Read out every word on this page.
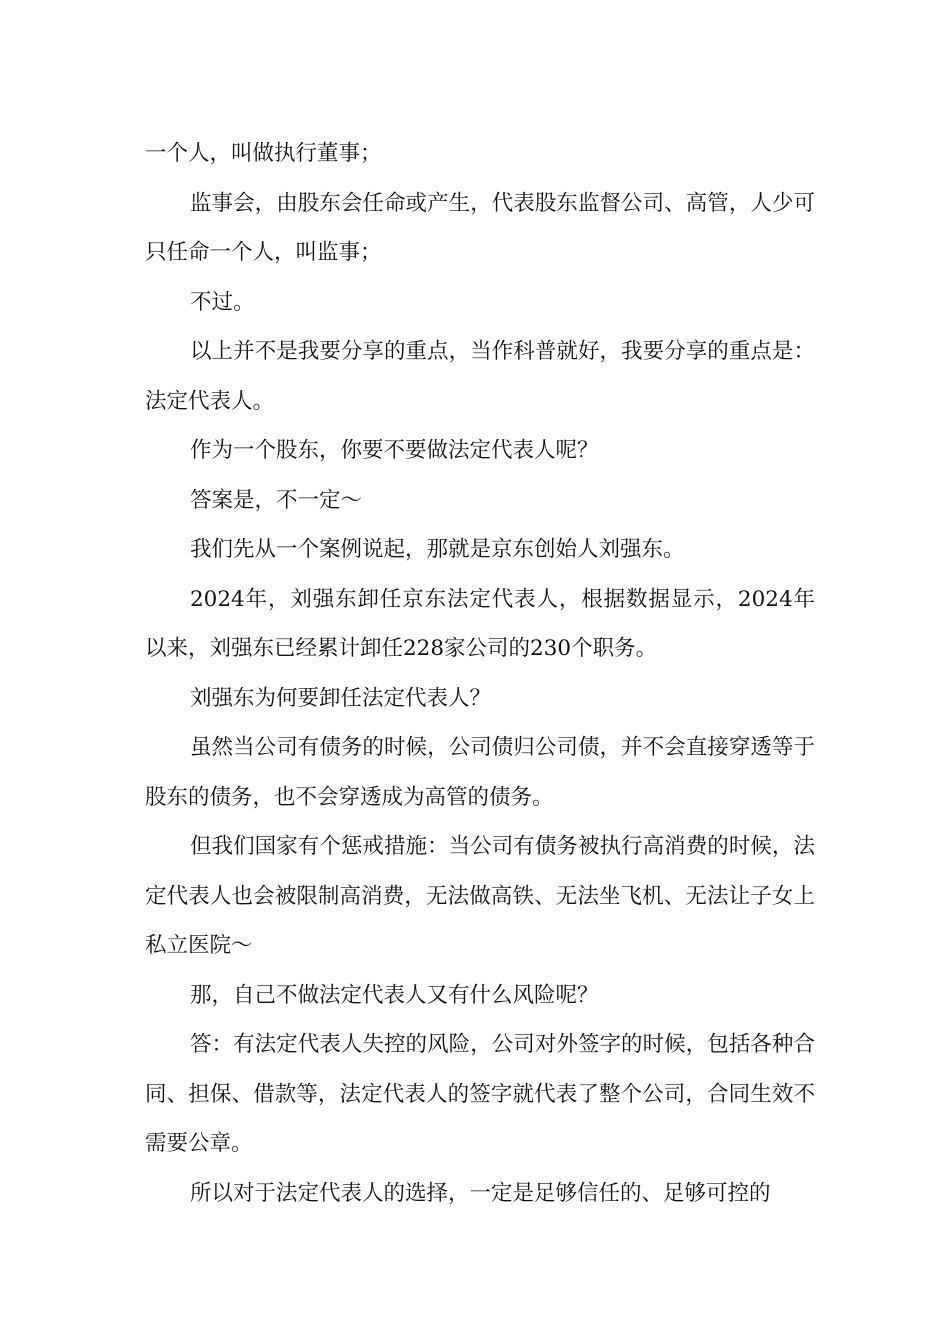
一个人，叫做执行董事；

监事会，由股东会任命或产生，代表股东监督公司、高管，人少可只任命一个人，叫监事；

不过。

以上并不是我要分享的重点，当作科普就好，我要分享的重点是：法定代表人。

作为一个股东，你要不要做法定代表人呢？

答案是，不一定～

我们先从一个案例说起，那就是京东创始人刘强东。

2024年，刘强东卸任京东法定代表人，根据数据显示，2024年以来，刘强东已经累计卸任228家公司的230个职务。

刘强东为何要卸任法定代表人？

虽然当公司有债务的时候，公司债归公司债，并不会直接穿透等于股东的债务，也不会穿透成为高管的债务。

但我们国家有个惩戒措施：当公司有债务被执行高消费的时候，法定代表人也会被限制高消费，无法做高铁、无法坐飞机、无法让子女上私立医院～

那，自己不做法定代表人又有什么风险呢？

答：有法定代表人失控的风险，公司对外签字的时候，包括各种合同、担保、借款等，法定代表人的签字就代表了整个公司，合同生效不需要公章。

所以对于法定代表人的选择，一定是足够信任的、足够可控的
